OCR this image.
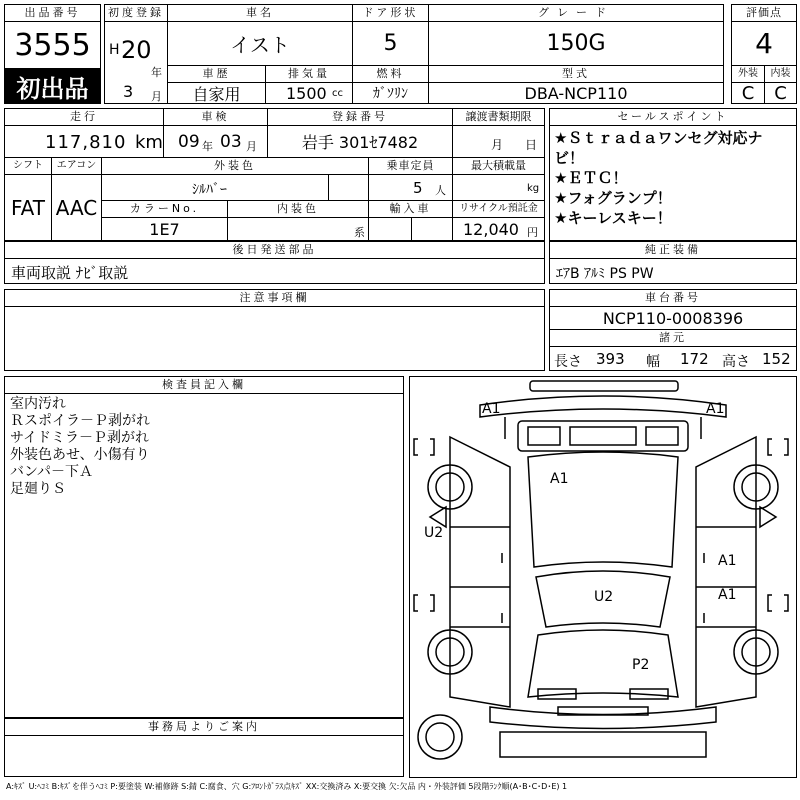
出品番号
3555
初出品
初度登録
H 20
年
3 月
車名
イスト
ドア形状
5
グレード
150G
評価点
4
車歴
自家用
排気量
1500 cc
燃料
ｶﾞｿﾘﾝ
型式
DBA-NCP110
外装	内装
C	C
走行
117,810 km
車検
09 年 03 月
登録番号
岩手 301ｾ7482
譲渡書類期限
月 日
シフト
FAT
エアコン
AAC
外装色
ｼﾙﾊﾞｰ
乗車定員
5 人
最大積載量
kg
カラーNo.
1E7
内装色
系
輸入車	リサイクル預託金
12,040 円
セールスポイント
★Ｓｔｒａｄａワンセグ対応ナビ！
★ＥＴＣ！
★フォグランプ！
★キーレスキー！
後日発送部品
車両取説 ﾅﾋﾞ取説
純正装備
ｴｱB ｱﾙﾐ PS PW
注意事項欄	車台番号
NCP110-0008396
諸元
長さ 393 幅 172 高さ 152
検査員記入欄
室内汚れ
Ｒスポイラ－Ｐ剥がれ
サイドミラ－Ｐ剥がれ
外装色あせ、小傷有り
バンパ－下Ａ
足廻りＳ
事務局よりご案内
A1	A1
A1
U2
A1
A1
U2
P2
A:ｷｽﾞ U:ﾍｺﾐ B:ｷｽﾞを伴うﾍｺﾐ P:要塗装 W:補修跡 S:錆 C:腐食、穴 G:ﾌﾛﾝﾄｶﾞﾗｽ点ｷｽﾞ XX:交換済み X:要交換 欠:欠品 内・外装評価 5段階ﾗﾝｸ順(A･B･C･D･E) 1
